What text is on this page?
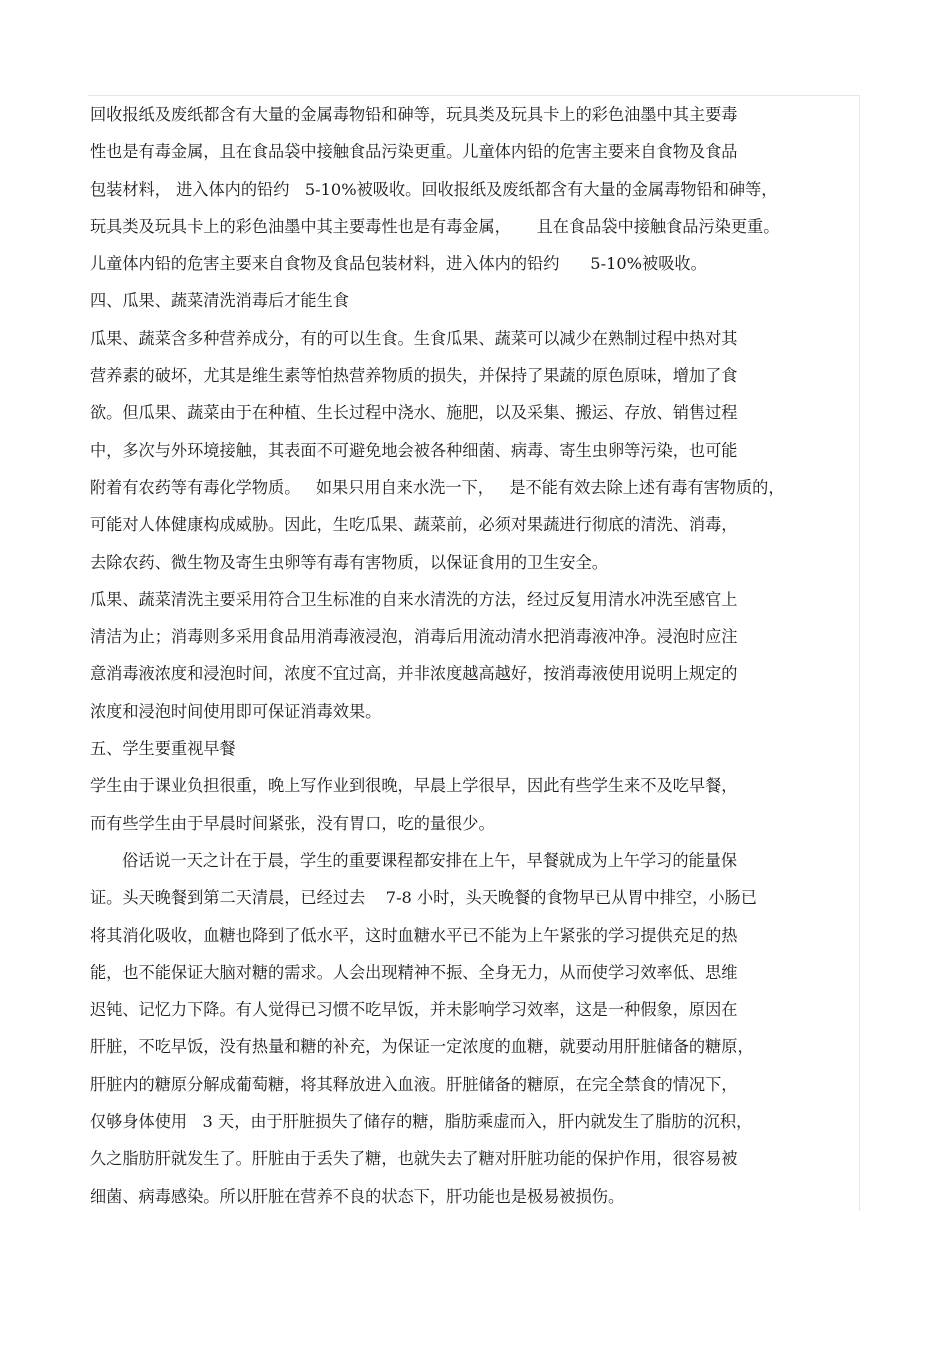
回收报纸及废纸都含有大量的金属毒物铅和砷等，玩具类及玩具卡上的彩色油墨中其主要毒
性也是有毒金属，且在食品袋中接触食品污染更重。儿童体内铅的危害主要来自食物及食品
包装材料， 进入体内的铅约   5-10%被吸收。回收报纸及废纸都含有大量的金属毒物铅和砷等，
玩具类及玩具卡上的彩色油墨中其主要毒性也是有毒金属，     且在食品袋中接触食品污染更重。
儿童体内铅的危害主要来自食物及食品包装材料，进入体内的铅约      5-10%被吸收。
四、瓜果、蔬菜清洗消毒后才能生食
瓜果、蔬菜含多种营养成分，有的可以生食。生食瓜果、蔬菜可以减少在熟制过程中热对其
营养素的破坏，尤其是维生素等怕热营养物质的损失，并保持了果蔬的原色原味，增加了食
欲。但瓜果、蔬菜由于在种植、生长过程中浇水、施肥，以及采集、搬运、存放、销售过程
中，多次与外环境接触，其表面不可避免地会被各种细菌、病毒、寄生虫卵等污染，也可能
附着有农药等有毒化学物质。   如果只用自来水洗一下，   是不能有效去除上述有毒有害物质的，
可能对人体健康构成威胁。因此，生吃瓜果、蔬菜前，必须对果蔬进行彻底的清洗、消毒，
去除农药、微生物及寄生虫卵等有毒有害物质，以保证食用的卫生安全。
瓜果、蔬菜清洗主要采用符合卫生标准的自来水清洗的方法，经过反复用清水冲洗至感官上
清洁为止；消毒则多采用食品用消毒液浸泡，消毒后用流动清水把消毒液冲净。浸泡时应注
意消毒液浓度和浸泡时间，浓度不宜过高，并非浓度越高越好，按消毒液使用说明上规定的
浓度和浸泡时间使用即可保证消毒效果。
五、学生要重视早餐
学生由于课业负担很重，晚上写作业到很晚，早晨上学很早，因此有些学生来不及吃早餐，
而有些学生由于早晨时间紧张，没有胃口，吃的量很少。
俗话说一天之计在于晨，学生的重要课程都安排在上午，早餐就成为上午学习的能量保
证。头天晚餐到第二天清晨，已经过去    7-8 小时，头天晚餐的食物早已从胃中排空，小肠已
将其消化吸收，血糖也降到了低水平，这时血糖水平已不能为上午紧张的学习提供充足的热
能，也不能保证大脑对糖的需求。人会出现精神不振、全身无力，从而使学习效率低、思维
迟钝、记忆力下降。有人觉得已习惯不吃早饭，并未影响学习效率，这是一种假象，原因在
肝脏，不吃早饭，没有热量和糖的补充，为保证一定浓度的血糖，就要动用肝脏储备的糖原，
肝脏内的糖原分解成葡萄糖，将其释放进入血液。肝脏储备的糖原，在完全禁食的情况下，
仅够身体使用   3 天，由于肝脏损失了储存的糖，脂肪乘虚而入，肝内就发生了脂肪的沉积，
久之脂肪肝就发生了。肝脏由于丢失了糖，也就失去了糖对肝脏功能的保护作用，很容易被
细菌、病毒感染。所以肝脏在营养不良的状态下，肝功能也是极易被损伤。
